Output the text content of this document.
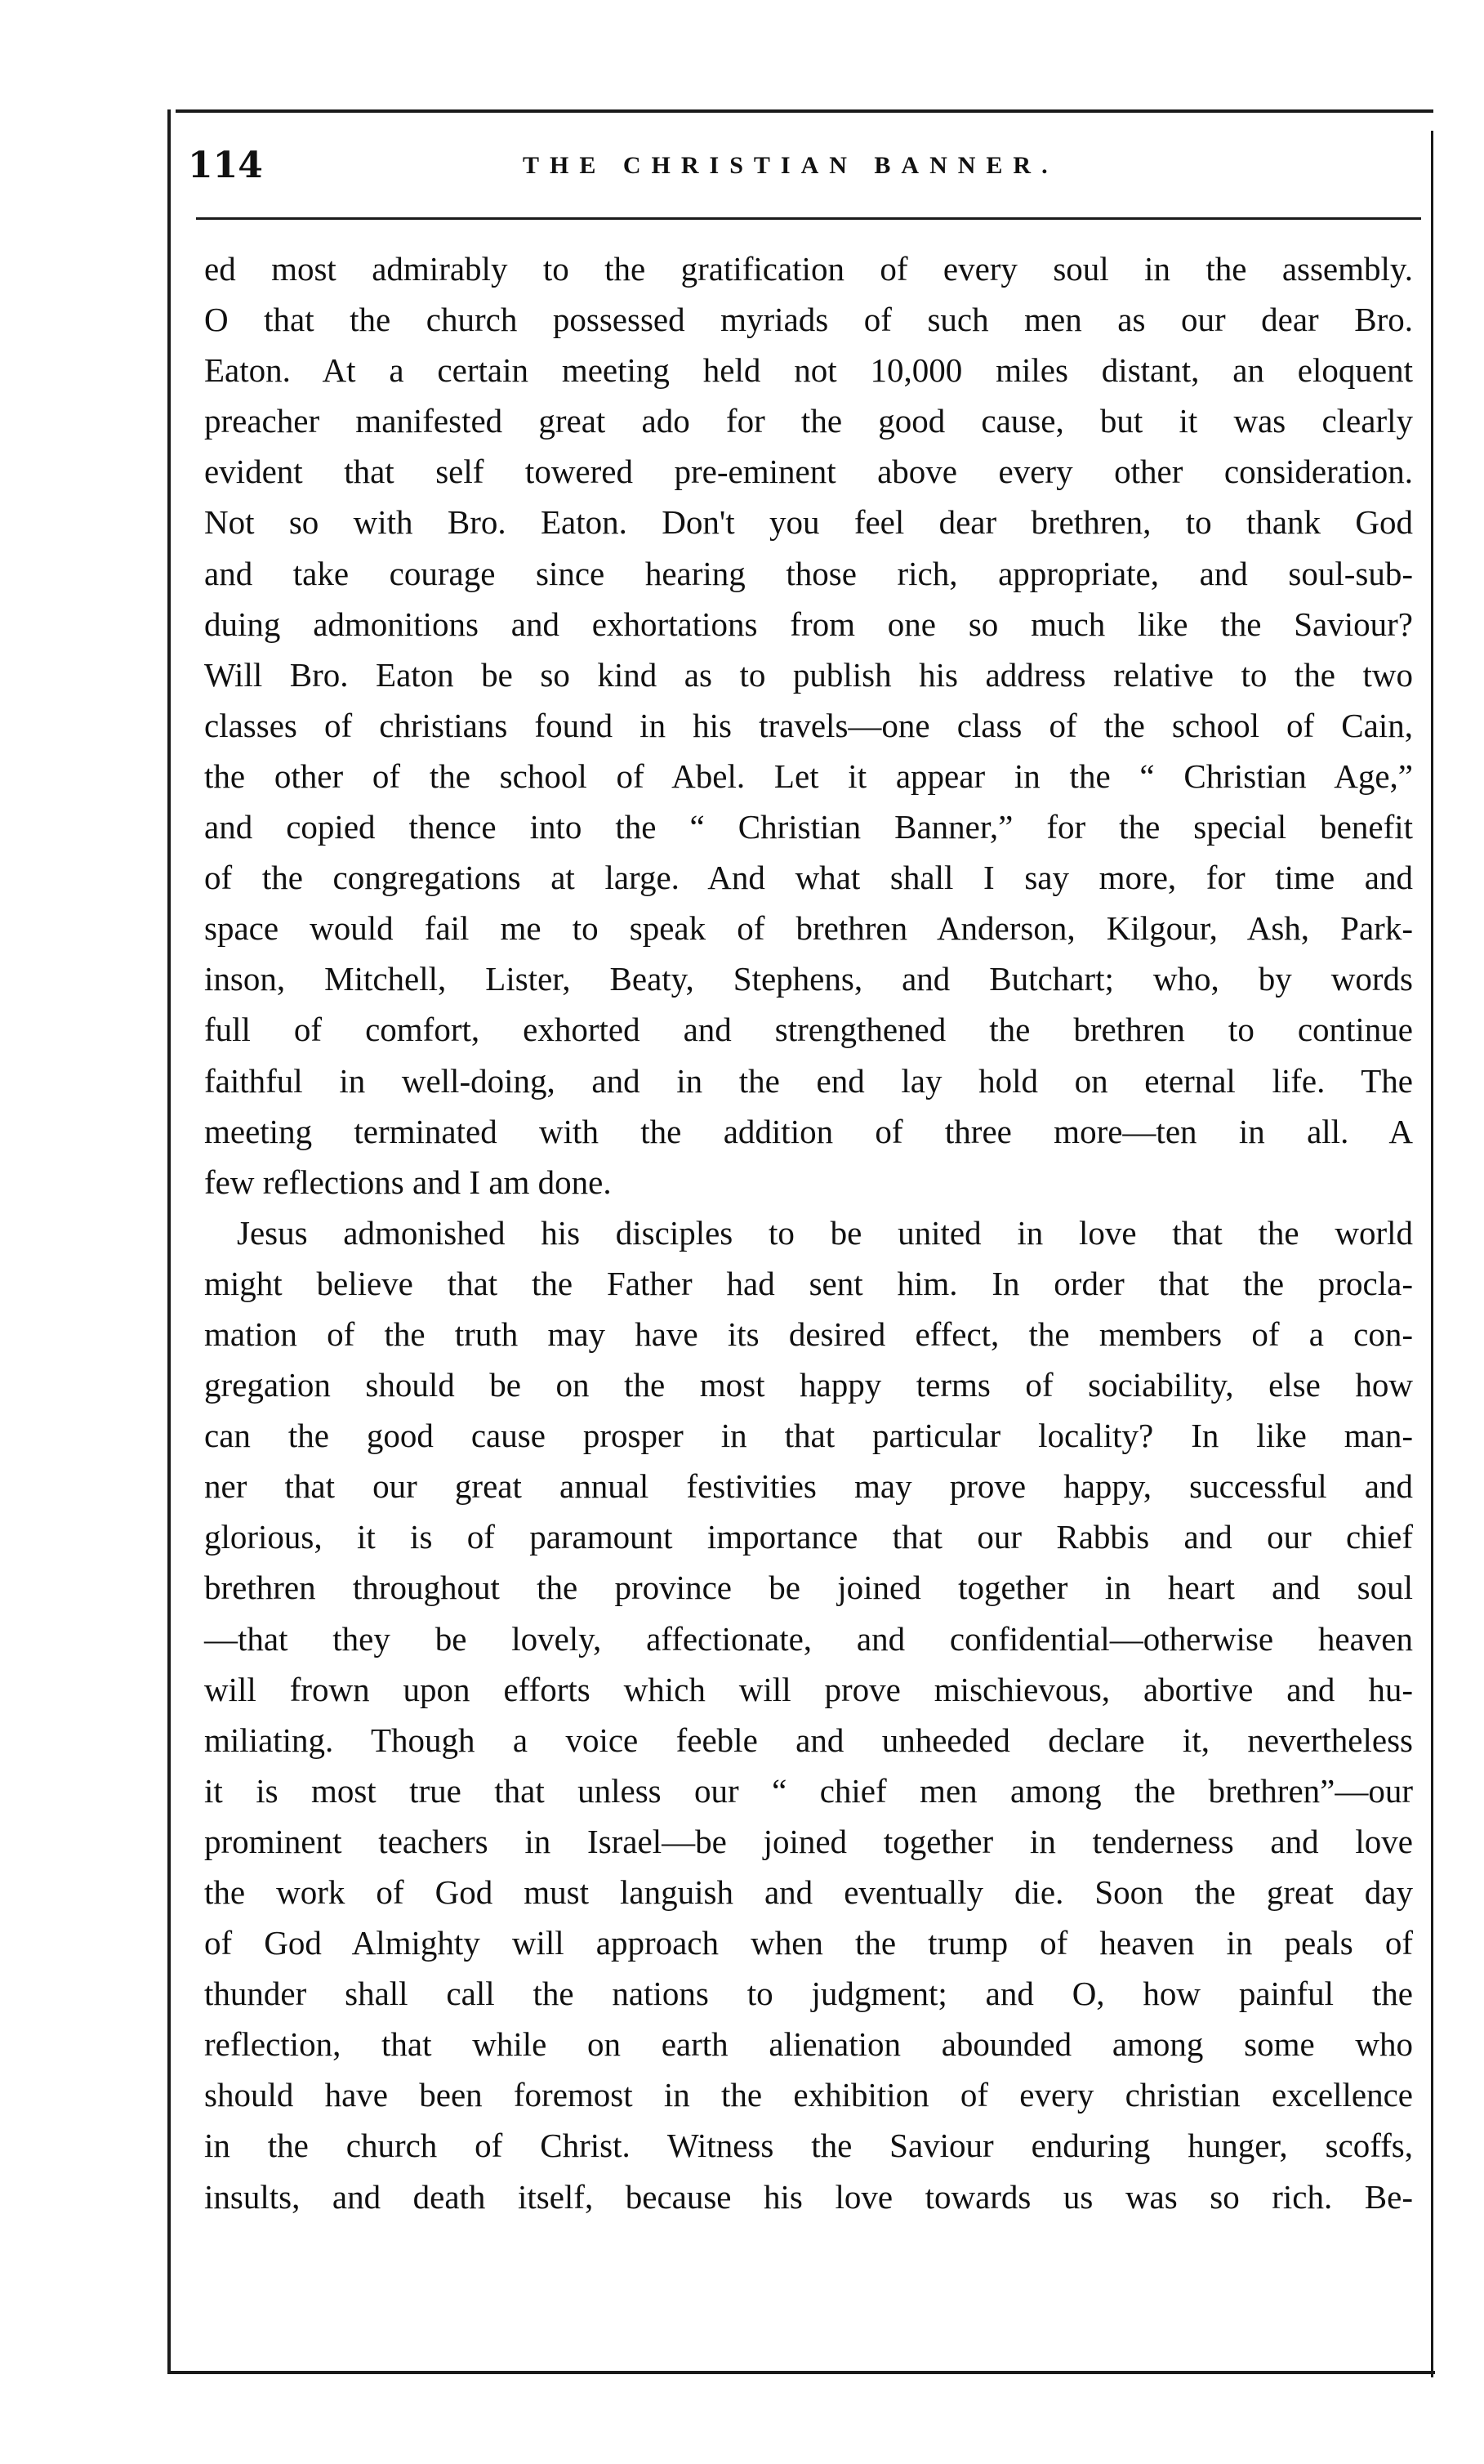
114	THE CHRISTIAN BANNER.
ed most admirably to the gratification of every soul in the assembly.
O that the church possessed myriads of such men as our dear Bro.
Eaton. At a certain meeting held not 10,000 miles distant, an eloquent
preacher manifested great ado for the good cause, but it was clearly
evident that self towered pre-eminent above every other consideration.
Not so with Bro. Eaton. Don't you feel dear brethren, to thank God
and take courage since hearing those rich, appropriate, and soul-sub-
duing admonitions and exhortations from one so much like the Saviour?
Will Bro. Eaton be so kind as to publish his address relative to the two
classes of christians found in his travels—one class of the school of Cain,
the other of the school of Abel. Let it appear in the “ Christian Age,”
and copied thence into the “ Christian Banner,” for the special benefit
of the congregations at large. And what shall I say more, for time and
space would fail me to speak of brethren Anderson, Kilgour, Ash, Park-
inson, Mitchell, Lister, Beaty, Stephens, and Butchart; who, by words
full of comfort, exhorted and strengthened the brethren to continue
faithful in well-doing, and in the end lay hold on eternal life. The
meeting terminated with the addition of three more—ten in all. A
few reflections and I am done.
Jesus admonished his disciples to be united in love that the world
might believe that the Father had sent him. In order that the procla-
mation of the truth may have its desired effect, the members of a con-
gregation should be on the most happy terms of sociability, else how
can the good cause prosper in that particular locality? In like man-
ner that our great annual festivities may prove happy, successful and
glorious, it is of paramount importance that our Rabbis and our chief
brethren throughout the province be joined together in heart and soul
—that they be lovely, affectionate, and confidential—otherwise heaven
will frown upon efforts which will prove mischievous, abortive and hu-
miliating. Though a voice feeble and unheeded declare it, nevertheless
it is most true that unless our “ chief men among the brethren”—our
prominent teachers in Israel—be joined together in tenderness and love
the work of God must languish and eventually die. Soon the great day
of God Almighty will approach when the trump of heaven in peals of
thunder shall call the nations to judgment; and O, how painful the
reflection, that while on earth alienation abounded among some who
should have been foremost in the exhibition of every christian excellence
in the church of Christ. Witness the Saviour enduring hunger, scoffs,
insults, and death itself, because his love towards us was so rich. Be-
